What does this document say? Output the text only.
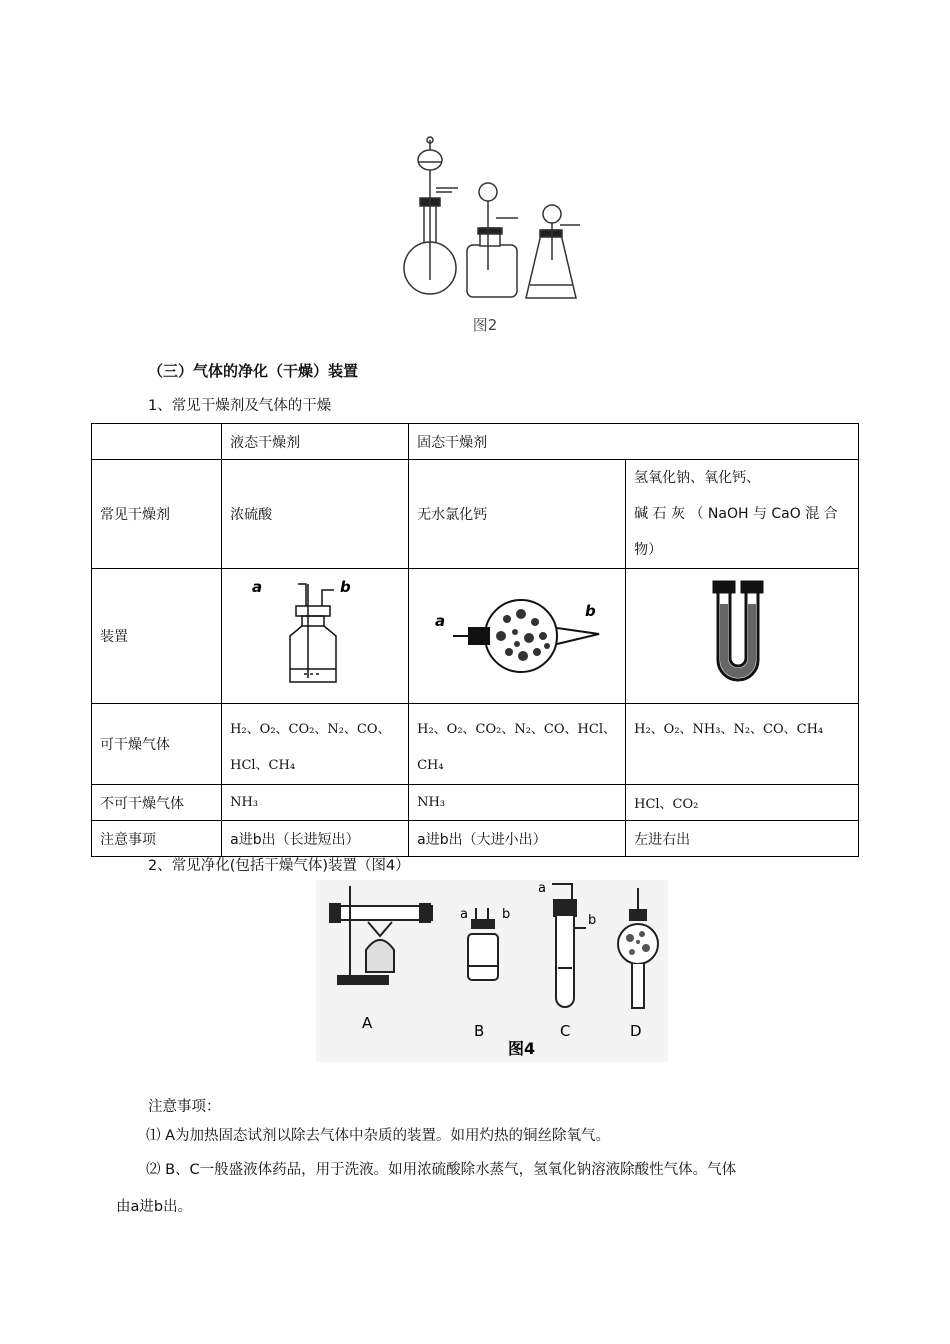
图2
（三）气体的净化（干燥）装置
1、常见干燥剂及气体的干燥
	液态干燥剂	固态干燥剂	
常见干燥剂	浓硫酸	无水氯化钙	氢氧化钠、氧化钙、
碱 石 灰 （ NaOH 与 CaO 混 合
物）

装置	a b	a
b

可干燥气体	H₂、O₂、CO₂、N₂、CO、HCl、CH₄	H₂、O₂、CO₂、N₂、CO、HCl、CH₄	H₂、O₂、NH₃、N₂、CO、CH₄
不可干燥气体	NH₃	NH₃	HCl、CO₂
注意事项	a进b出（长进短出）	a进b出（大进小出）	左进右出
2、常见净化(包括干燥气体)装置（图4）
a	b
a
b
A	B	C	D
图4
注意事项：
⑴ A为加热固态试剂以除去气体中杂质的装置。如用灼热的铜丝除氧气。
⑵ B、C一般盛液体药品，用于洗液。如用浓硫酸除水蒸气，氢氧化钠溶液除酸性气体。气体
由a进b出。
